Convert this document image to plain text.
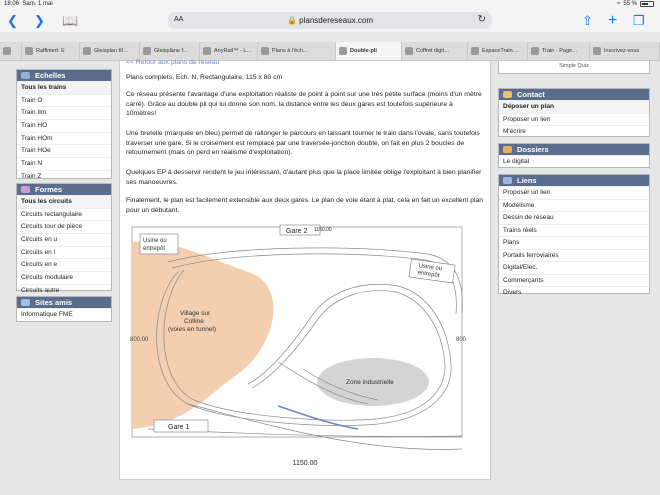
18:06 Sam. 1 mai	≈ 55 %
❮ ❯ 📖	AA	🔒 plansdereseaux.com	↻	⇧ + ❐
Raffiniert: E	Gleisplan Kl…	Gleispläne f…	AnyRail™ - L…	Plans à l'éch…	Double-pli	Coffret digit…	EspaceTrain…	Train - Page…	Inscrivez-vous
Echelles
Tous les trains
Train O
Train IIm
Train HO
Train HOm
Train HOe
Train N
Train Z
Formes
Tous les circuits
Circuits rectangulaire
Circuits tour de pièce
Circuits en u
Circuits en l
Circuits en e
Circuits modulaire
Circuits autre
Sites amis
Informatique FME
<< Retour aux plans de réseau

Plans complets, Ech. N, Rectangulaire, 115 x 80 cm

Ce réseau présente l'avantage d'une exploitation réaliste de point à point sur une très petite surface (moins d'un mètre carré). Grâce au double pli qui lui donne son nom, la distance entre les deux gares est toutefois supérieure à 10mètres!

Une bretelle (marquée en bleu) permet de rallonger le parcours en laissant tourner le train dans l'ovale, sans toutefois traverser une gare. Si le croisement est remplacé par une traversée-jonction double, on fait en plus 2 boucles de retournement (mais on perd en réalisme d'exploitation).

Quelques EP à desservir rendent le jeu intéressant, d'autant plus que la place limitée oblige l'exploitant à bien planifier ses manoeuvres.

Finalement, le plan est facilement extensible aux deux gares. Le plan de voie étant à plat, cela en fait un excellent plan pour un débutant.

Usine ou
entrepôt
Gare 2 1150.00
Usine ou
entrepôt
Village sur
Colline
(voies en tunnel)
800.00	800
Zone industrielle
Gare 1
1150.00
Simple Quiz
Contact
Déposer un plan
Proposer un lien
M'écrire
Dossiers
Le digital
Liens
Proposer un lien
Modélisme
Dessin de réseau
Trains réels
Plans
Portails ferroviaires
Digital/Elec.
Commerçants
Divers
